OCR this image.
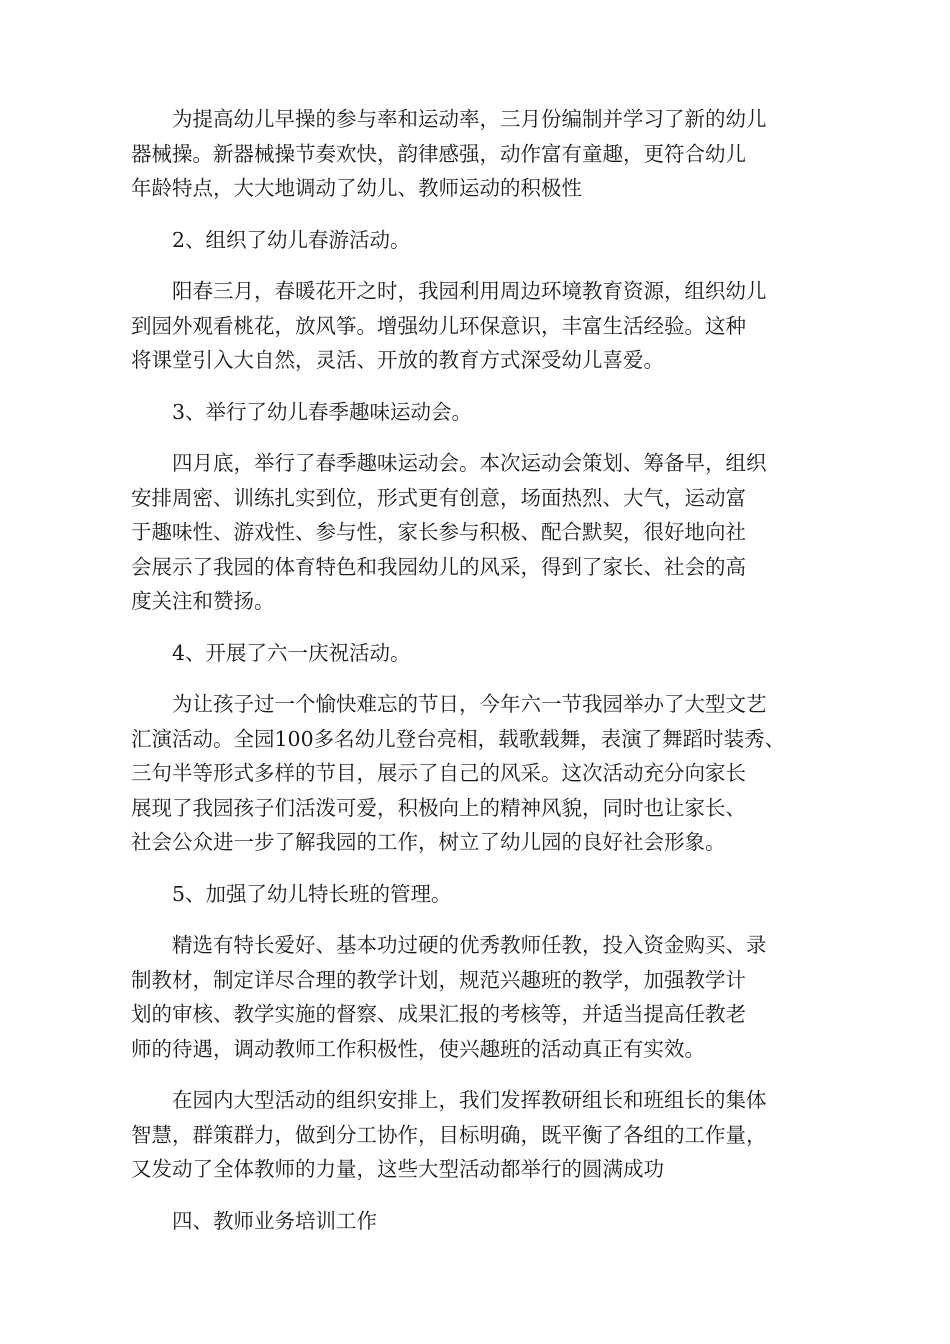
为提高幼儿早操的参与率和运动率，三月份编制并学习了新的幼儿
器械操。新器械操节奏欢快，韵律感强，动作富有童趣，更符合幼儿
年龄特点，大大地调动了幼儿、教师运动的积极性

2、组织了幼儿春游活动。

阳春三月，春暖花开之时，我园利用周边环境教育资源，组织幼儿
到园外观看桃花，放风筝。增强幼儿环保意识，丰富生活经验。这种
将课堂引入大自然，灵活、开放的教育方式深受幼儿喜爱。

3、举行了幼儿春季趣味运动会。

四月底，举行了春季趣味运动会。本次运动会策划、筹备早，组织
安排周密、训练扎实到位，形式更有创意，场面热烈、大气，运动富
于趣味性、游戏性、参与性，家长参与积极、配合默契，很好地向社
会展示了我园的体育特色和我园幼儿的风采，得到了家长、社会的高
度关注和赞扬。

4、开展了六一庆祝活动。

为让孩子过一个愉快难忘的节日，今年六一节我园举办了大型文艺
汇演活动。全园100多名幼儿登台亮相，载歌载舞，表演了舞蹈时装秀、
三句半等形式多样的节目，展示了自己的风采。这次活动充分向家长
展现了我园孩子们活泼可爱，积极向上的精神风貌，同时也让家长、
社会公众进一步了解我园的工作，树立了幼儿园的良好社会形象。

5、加强了幼儿特长班的管理。

精选有特长爱好、基本功过硬的优秀教师任教，投入资金购买、录
制教材，制定详尽合理的教学计划，规范兴趣班的教学，加强教学计
划的审核、教学实施的督察、成果汇报的考核等，并适当提高任教老
师的待遇，调动教师工作积极性，使兴趣班的活动真正有实效。

在园内大型活动的组织安排上，我们发挥教研组长和班组长的集体
智慧，群策群力，做到分工协作，目标明确，既平衡了各组的工作量，
又发动了全体教师的力量，这些大型活动都举行的圆满成功

四、教师业务培训工作
